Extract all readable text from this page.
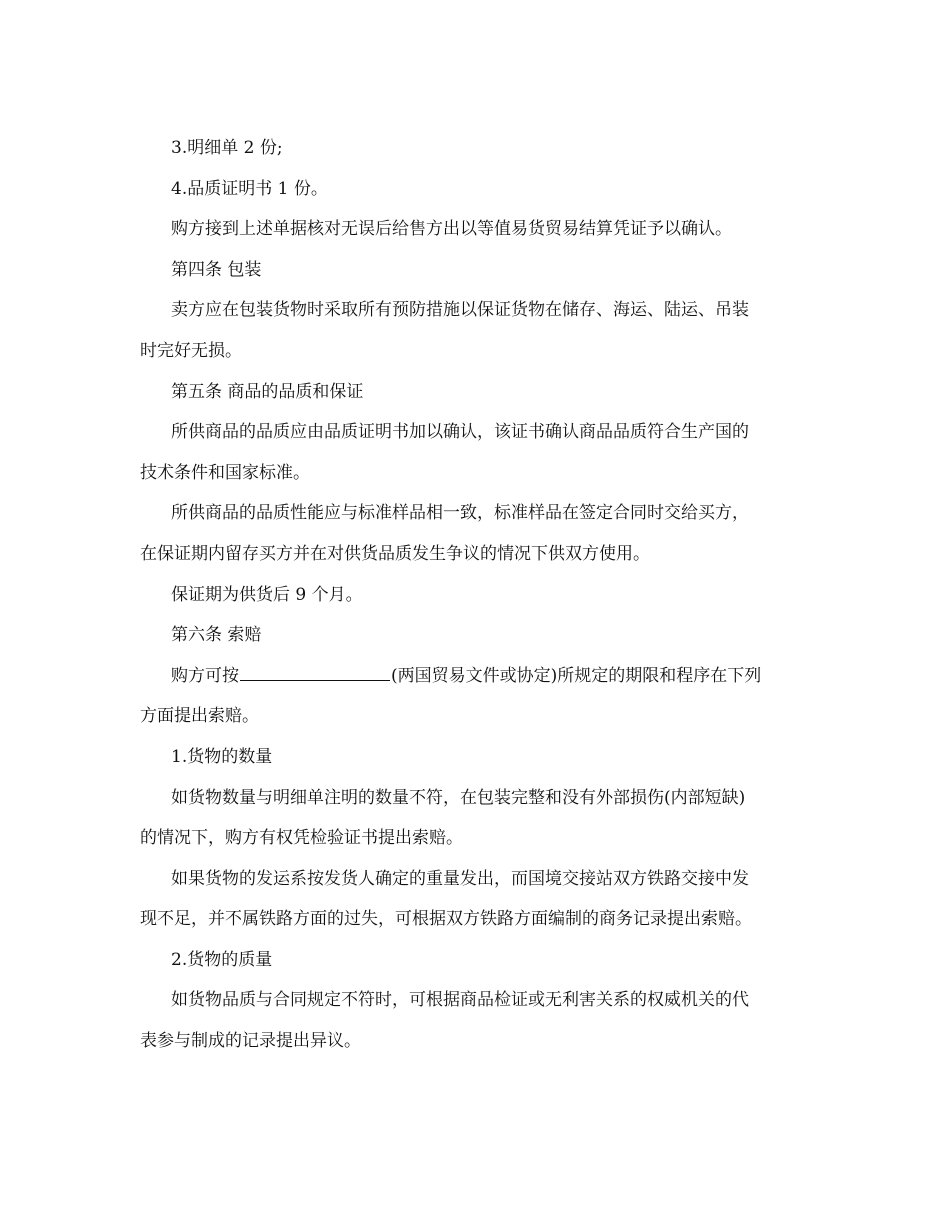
3.明细单 2 份;

4.品质证明书 1 份。

购方接到上述单据核对无误后给售方出以等值易货贸易结算凭证予以确认。

第四条 包装

卖方应在包装货物时采取所有预防措施以保证货物在储存、海运、陆运、吊装

时完好无损。

第五条 商品的品质和保证

所供商品的品质应由品质证明书加以确认，该证书确认商品品质符合生产国的

技术条件和国家标准。

所供商品的品质性能应与标准样品相一致，标准样品在签定合同时交给买方，

在保证期内留存买方并在对供货品质发生争议的情况下供双方使用。

保证期为供货后 9 个月。

第六条 索赔

购方可按	(两国贸易文件或协定)所规定的期限和程序在下列

方面提出索赔。

1.货物的数量

如货物数量与明细单注明的数量不符，在包装完整和没有外部损伤(内部短缺)

的情况下，购方有权凭检验证书提出索赔。

如果货物的发运系按发货人确定的重量发出，而国境交接站双方铁路交接中发

现不足，并不属铁路方面的过失，可根据双方铁路方面编制的商务记录提出索赔。

2.货物的质量

如货物品质与合同规定不符时，可根据商品检证或无利害关系的权威机关的代

表参与制成的记录提出异议。
